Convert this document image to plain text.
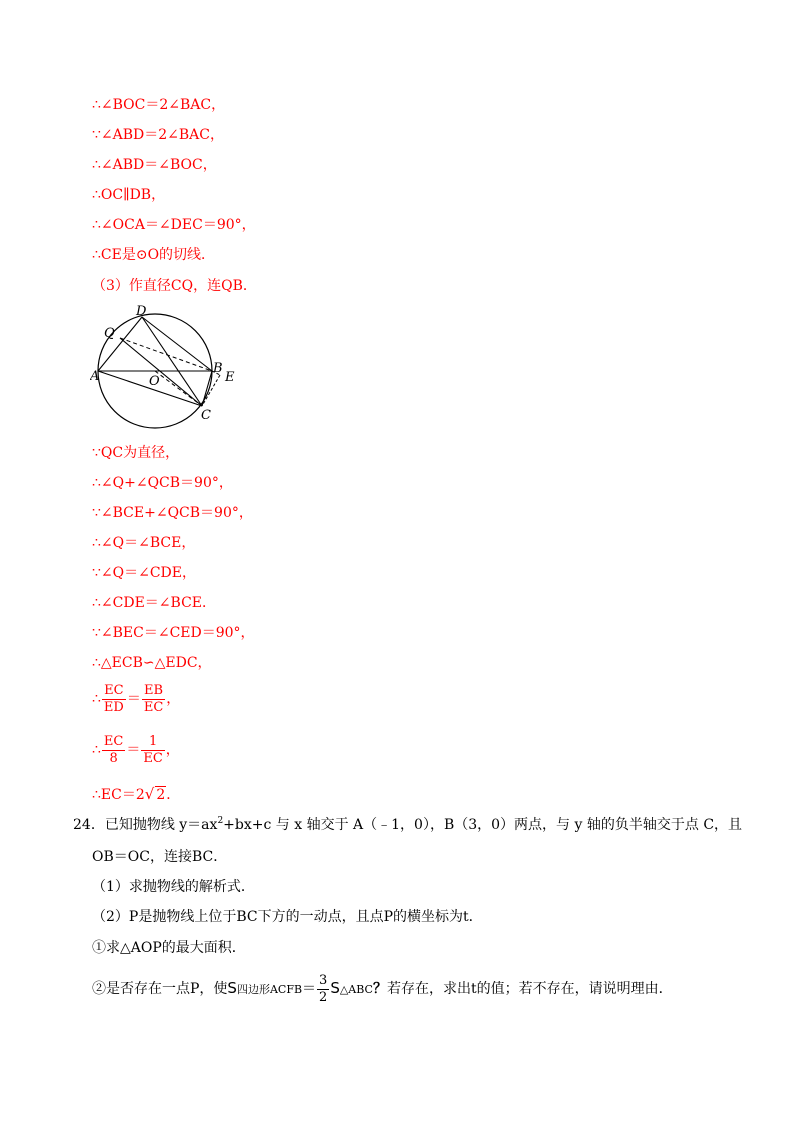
∴∠BOC＝2∠BAC，
∵∠ABD＝2∠BAC，
∴∠ABD＝∠BOC，
∴OC∥DB，
∴∠OCA＝∠DEC＝90°，
∴CE是⊙O的切线．
（3）作直径CQ，连QB．
D
Q
A	O
B
E
C
∵QC为直径，
∴∠Q+∠QCB＝90°，
∵∠BCE+∠QCB＝90°，
∴∠Q＝∠BCE，
∵∠Q＝∠CDE，
∴∠CDE＝∠BCE．
∵∠BEC＝∠CED＝90°，
∴△ECB∽△EDC，
∴ $\frac{EC}{ED} = \frac{EB}{EC}$ ，
∴ $\frac{EC}{8} = \frac{1}{EC}$ ，
∴EC＝2√ 2．
24．已知抛物线 $y=ax^2+bx+c$ 与 x 轴交于 A（﹣1，0），B（3，0）两点，与 y 轴的负半轴交于点 C，且
OB＝OC，连接BC．
（1）求抛物线的解析式．
（2）P是抛物线上位于BC下方的一动点，且点P的横坐标为t．
①求△AOP的最大面积．
②是否存在一点P，使S四边形ACFB＝ $\frac{3}{2}$ S△ABC？若存在，求出t的值；若不存在，请说明理由．
